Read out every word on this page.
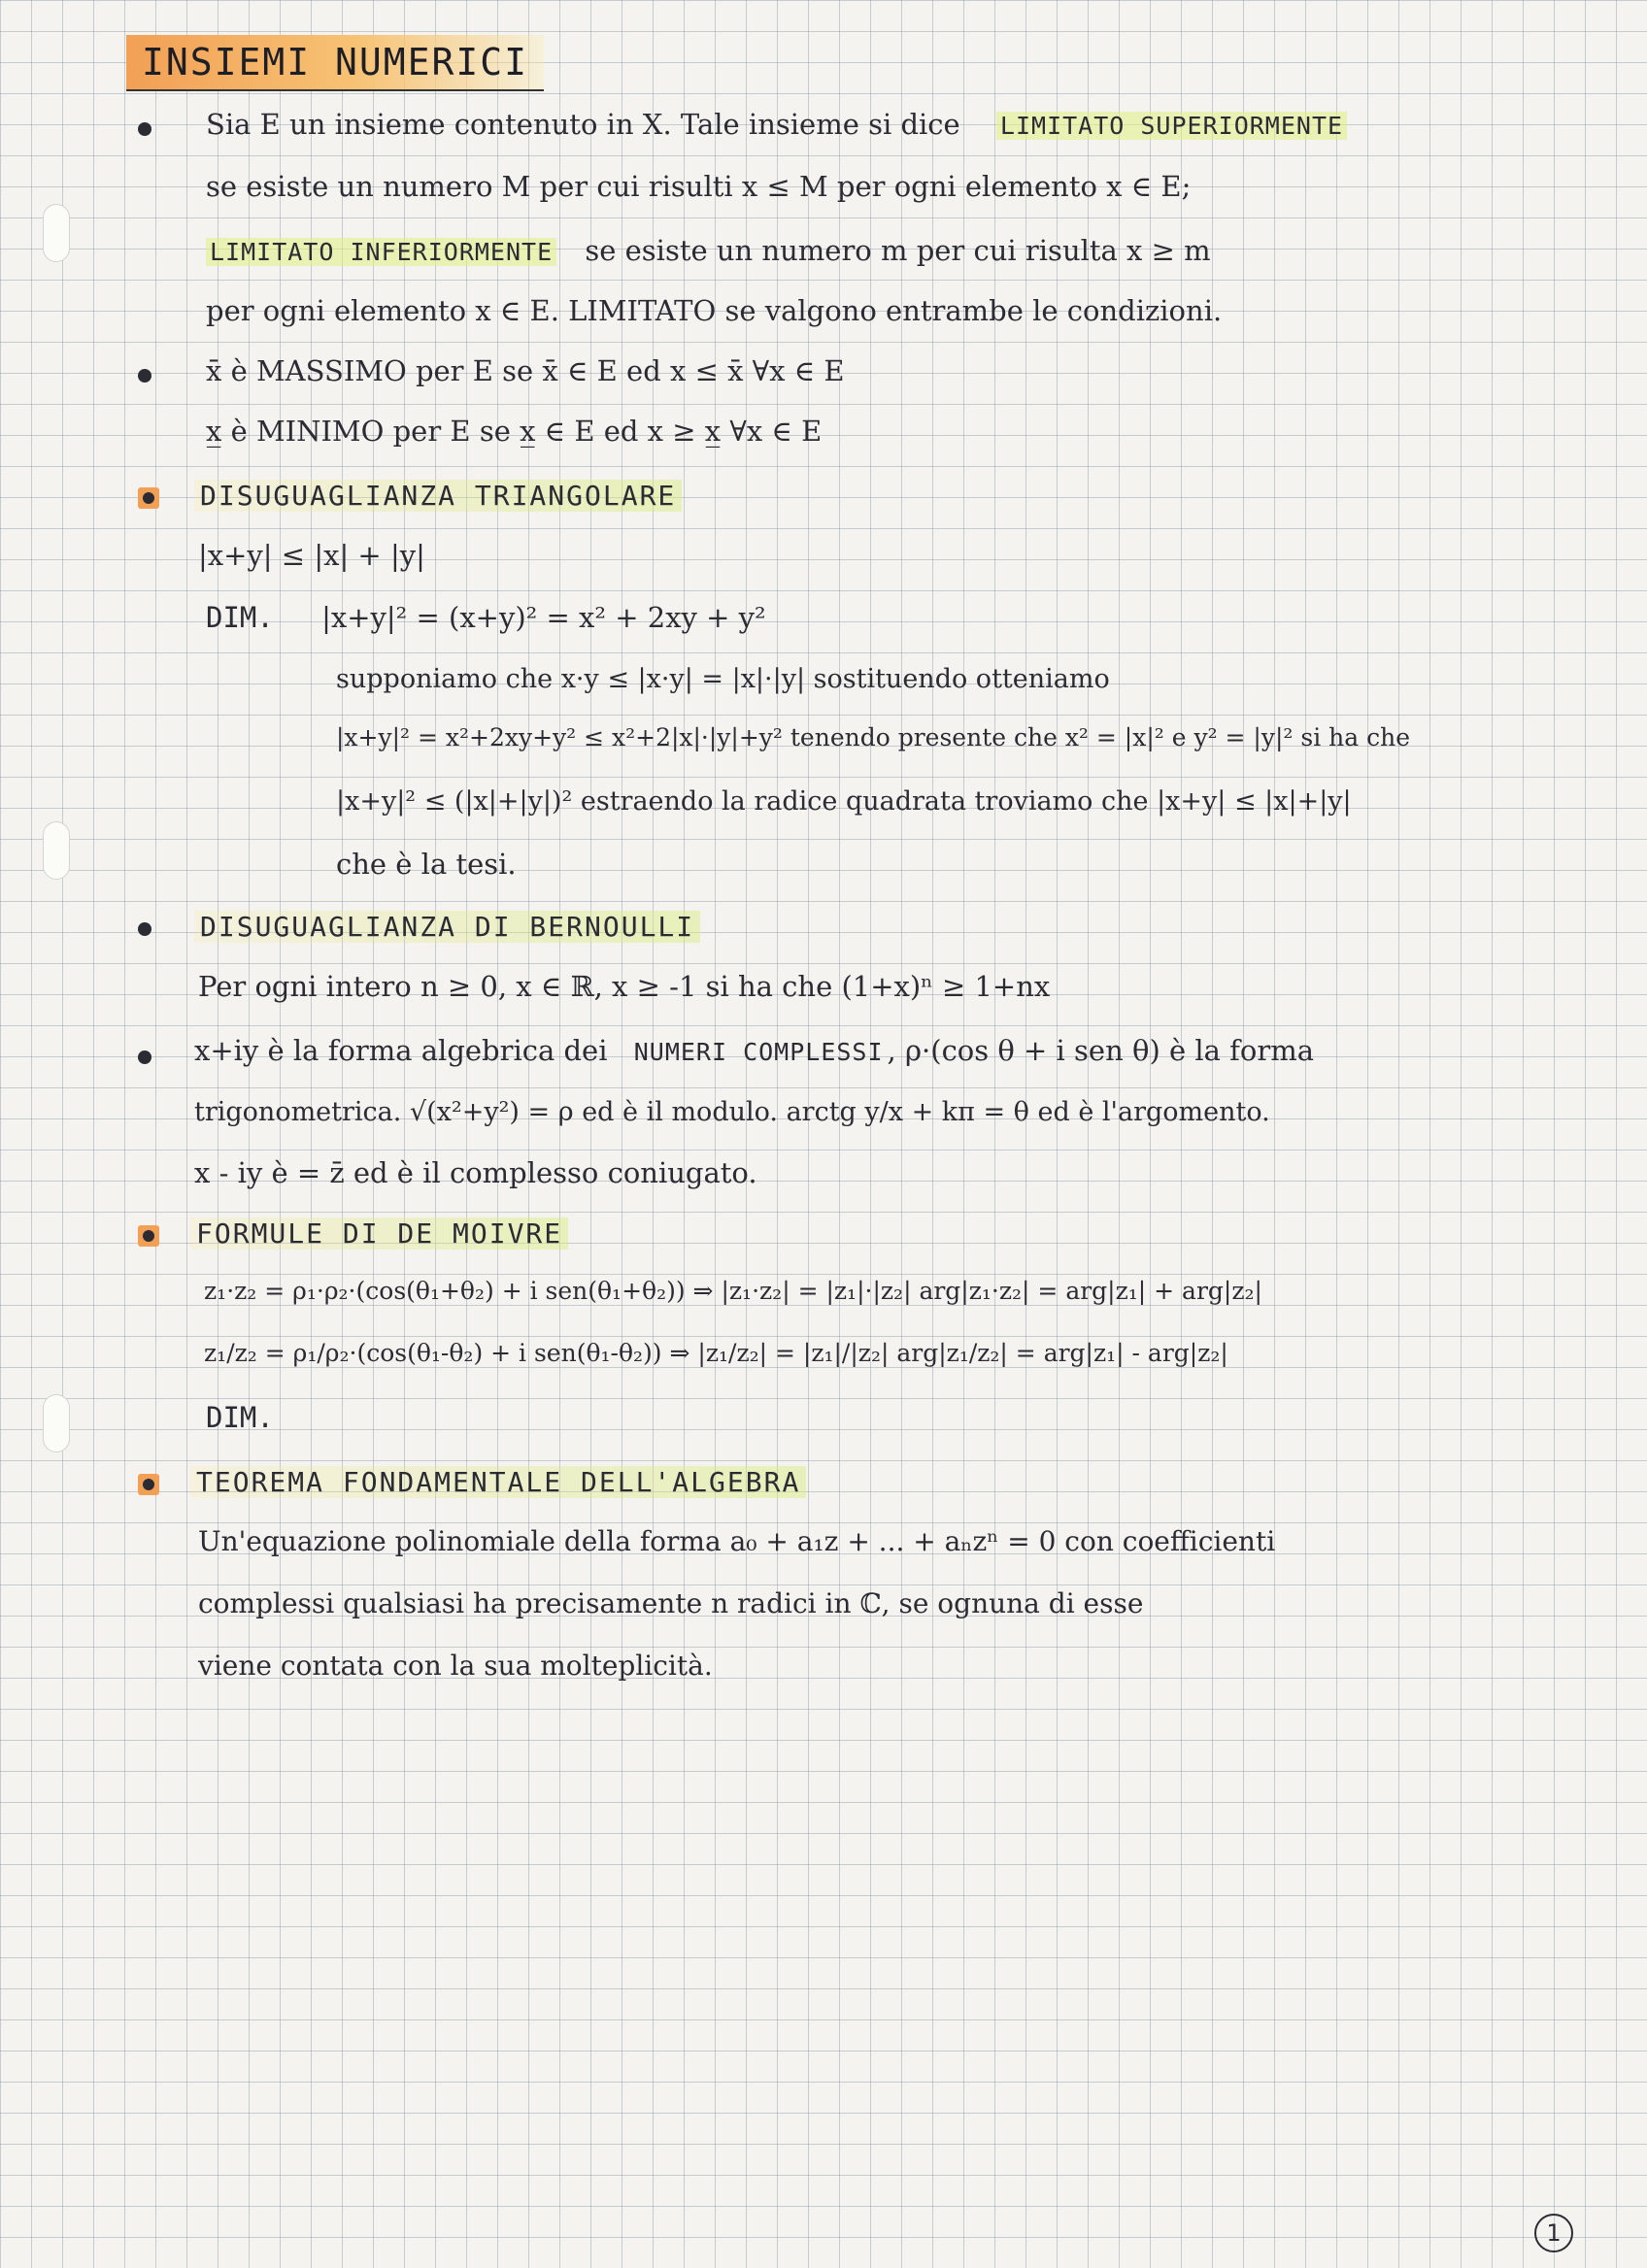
INSIEMI NUMERICI
Sia E un insieme contenuto in X. Tale insieme si dice LIMITATO SUPERIORMENTE
se esiste un numero M per cui risulti x ≤ M per ogni elemento x ∈ E;
LIMITATO INFERIORMENTE se esiste un numero m per cui risulta x ≥ m
per ogni elemento x ∈ E. LIMITATO se valgono entrambe le condizioni.
x̄ è MASSIMO per E se x̄ ∈ E ed x ≤ x̄ ∀x ∈ E
x̲ è MINIMO per E se x̲ ∈ E ed x ≥ x̲ ∀x ∈ E
DISUGUAGLIANZA TRIANGOLARE
|x+y| ≤ |x| + |y|
DIM. |x+y|² = (x+y)² = x² + 2xy + y²
supponiamo che x·y ≤ |x·y| = |x|·|y| sostituendo otteniamo
|x+y|² = x²+2xy+y² ≤ x²+2|x|·|y|+y² tenendo presente che x² = |x|² e y² = |y|² si ha che
|x+y|² ≤ (|x|+|y|)² estraendo la radice quadrata troviamo che |x+y| ≤ |x|+|y|
che è la tesi.
DISUGUAGLIANZA DI BERNOULLI
Per ogni intero n ≥ 0, x ∈ ℝ, x ≥ -1 si ha che (1+x)ⁿ ≥ 1+nx
x+iy è la forma algebrica dei NUMERI COMPLESSI , ρ·(cos θ + i sen θ) è la forma
trigonometrica. √(x²+y²) = ρ ed è il modulo. arctg y/x + kπ = θ ed è l'argomento.
x - iy è = z̄ ed è il complesso coniugato.
FORMULE DI DE MOIVRE
z₁·z₂ = ρ₁·ρ₂·(cos(θ₁+θ₂) + i sen(θ₁+θ₂)) ⇒ |z₁·z₂| = |z₁|·|z₂| arg|z₁·z₂| = arg|z₁| + arg|z₂|
z₁/z₂ = ρ₁/ρ₂·(cos(θ₁-θ₂) + i sen(θ₁-θ₂)) ⇒ |z₁/z₂| = |z₁|/|z₂| arg|z₁/z₂| = arg|z₁| - arg|z₂|
DIM.
TEOREMA FONDAMENTALE DELL'ALGEBRA
Un'equazione polinomiale della forma a₀ + a₁z + ... + aₙzⁿ = 0 con coefficienti
complessi qualsiasi ha precisamente n radici in ℂ, se ognuna di esse
viene contata con la sua molteplicità.
1
